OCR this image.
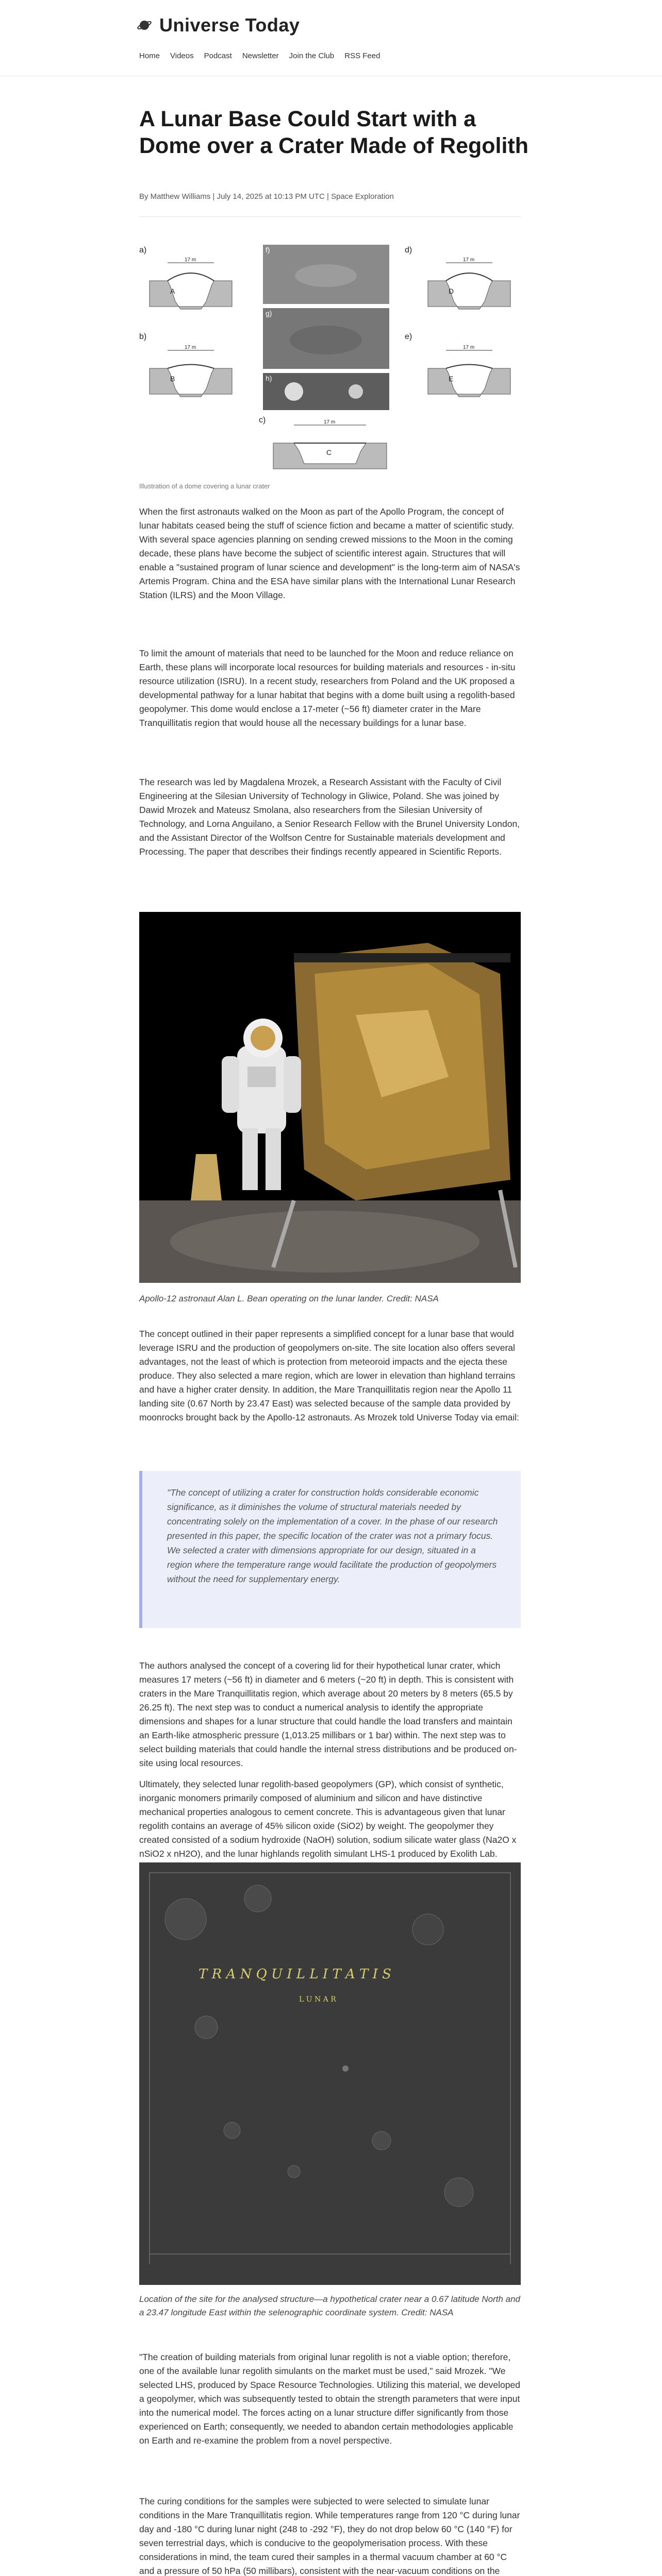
Universe Today
Home Videos Podcast Newsletter Join the Club RSS Feed
A Lunar Base Could Start with a Dome over a Crater Made of Regolith
By Matthew Williams | July 14, 2025 at 10:13 PM UTC | Space Exploration
a)
17 m
A
b)
17 m
B
f)
g)
h)
c)	17 m
C
d)
17 m
D
e)
17 m
E
Illustration of a dome covering a lunar crater

When the first astronauts walked on the Moon as part of the Apollo Program, the concept of lunar habitats ceased being the stuff of science fiction and became a matter of scientific study. With several space agencies planning on sending crewed missions to the Moon in the coming decade, these plans have become the subject of scientific interest again. Structures that will enable a "sustained program of lunar science and development" is the long-term aim of NASA's Artemis Program. China and the ESA have similar plans with the International Lunar Research Station (ILRS) and the Moon Village.

To limit the amount of materials that need to be launched for the Moon and reduce reliance on Earth, these plans will incorporate local resources for building materials and resources - in-situ resource utilization (ISRU). In a recent study, researchers from Poland and the UK proposed a developmental pathway for a lunar habitat that begins with a dome built using a regolith-based geopolymer. This dome would enclose a 17-meter (~56 ft) diameter crater in the Mare Tranquillitatis region that would house all the necessary buildings for a lunar base.

The research was led by Magdalena Mrozek, a Research Assistant with the Faculty of Civil Engineering at the Silesian University of Technology in Gliwice, Poland. She was joined by Dawid Mrozek and Mateusz Smolana, also researchers from the Silesian University of Technology, and Lorna Anguilano, a Senior Research Fellow with the Brunel University London, and the Assistant Director of the Wolfson Centre for Sustainable materials development and Processing. The paper that describes their findings recently appeared in Scientific Reports.

Apollo-12 astronaut Alan L. Bean operating on the lunar lander. Credit: NASA

The concept outlined in their paper represents a simplified concept for a lunar base that would leverage ISRU and the production of geopolymers on-site. The site location also offers several advantages, not the least of which is protection from meteoroid impacts and the ejecta these produce. They also selected a mare region, which are lower in elevation than highland terrains and have a higher crater density. In addition, the Mare Tranquillitatis region near the Apollo 11 landing site (0.67 North by 23.47 East) was selected because of the sample data provided by moonrocks brought back by the Apollo-12 astronauts. As Mrozek told Universe Today via email:

"The concept of utilizing a crater for construction holds considerable economic significance, as it diminishes the volume of structural materials needed by concentrating solely on the implementation of a cover. In the phase of our research presented in this paper, the specific location of the crater was not a primary focus. We selected a crater with dimensions appropriate for our design, situated in a region where the temperature range would facilitate the production of geopolymers without the need for supplementary energy.

The authors analysed the concept of a covering lid for their hypothetical lunar crater, which measures 17 meters (~56 ft) in diameter and 6 meters (~20 ft) in depth. This is consistent with craters in the Mare Tranquillitatis region, which average about 20 meters by 8 meters (65.5 by 26.25 ft). The next step was to conduct a numerical analysis to identify the appropriate dimensions and shapes for a lunar structure that could handle the load transfers and maintain an Earth-like atmospheric pressure (1,013.25 millibars or 1 bar) within. The next step was to select building materials that could handle the internal stress distributions and be produced on-site using local resources.

Ultimately, they selected lunar regolith-based geopolymers (GP), which consist of synthetic, inorganic monomers primarily composed of aluminium and silicon and have distinctive mechanical properties analogous to cement concrete. This is advantageous given that lunar regolith contains an average of 45% silicon oxide (SiO2) by weight. The geopolymer they created consisted of a sodium hydroxide (NaOH) solution, sodium silicate water glass (Na2O x nSiO2 x nH2O), and the lunar highlands regolith simulant LHS-1 produced by Exolith Lab.

T R A N Q U I L L I T A T I S
L U N A R

Location of the site for the analysed structure—a hypothetical crater near a 0.67 latitude North and a 23.47 longitude East within the selenographic coordinate system. Credit: NASA

"The creation of building materials from original lunar regolith is not a viable option; therefore, one of the available lunar regolith simulants on the market must be used," said Mrozek. "We selected LHS, produced by Space Resource Technologies. Utilizing this material, we developed a geopolymer, which was subsequently tested to obtain the strength parameters that were input into the numerical model. The forces acting on a lunar structure differ significantly from those experienced on Earth; consequently, we needed to abandon certain methodologies applicable on Earth and re-examine the problem from a novel perspective.

The curing conditions for the samples were subjected to were selected to simulate lunar conditions in the Mare Tranquillitatis region. While temperatures range from 120 °C during lunar day and -180 °C during lunar night (248 to -292 °F), they do not drop below 60 °C (140 °F) for seven terrestrial days, which is conducive to the geopolymerisation process. With these considerations in mind, the team cured their samples in a thermal vacuum chamber at 60 °C and a pressure of 50 hPa (50 millibars), consistent with the near-vacuum conditions on the
